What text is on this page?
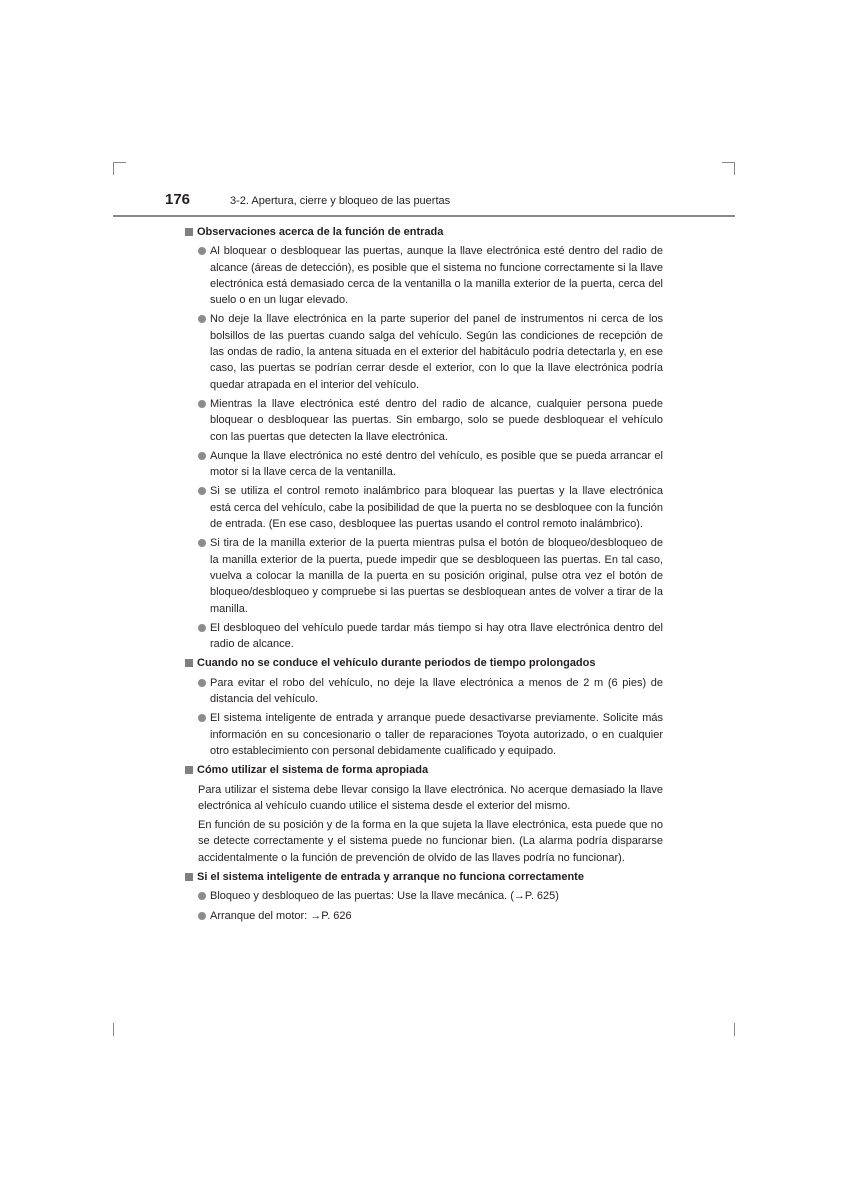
176	3-2. Apertura, cierre y bloqueo de las puertas
Observaciones acerca de la función de entrada
Al bloquear o desbloquear las puertas, aunque la llave electrónica esté dentro del radio de alcance (áreas de detección), es posible que el sistema no funcione correctamente si la llave electrónica está demasiado cerca de la ventanilla o la manilla exterior de la puerta, cerca del suelo o en un lugar elevado.
No deje la llave electrónica en la parte superior del panel de instrumentos ni cerca de los bolsillos de las puertas cuando salga del vehículo. Según las condiciones de recepción de las ondas de radio, la antena situada en el exterior del habitáculo podría detectarla y, en ese caso, las puertas se podrían cerrar desde el exterior, con lo que la llave electrónica podría quedar atrapada en el interior del vehículo.
Mientras la llave electrónica esté dentro del radio de alcance, cualquier persona puede bloquear o desbloquear las puertas. Sin embargo, solo se puede desbloquear el vehículo con las puertas que detecten la llave electrónica.
Aunque la llave electrónica no esté dentro del vehículo, es posible que se pueda arrancar el motor si la llave cerca de la ventanilla.
Si se utiliza el control remoto inalámbrico para bloquear las puertas y la llave electrónica está cerca del vehículo, cabe la posibilidad de que la puerta no se desbloquee con la función de entrada. (En ese caso, desbloquee las puertas usando el control remoto inalámbrico).
Si tira de la manilla exterior de la puerta mientras pulsa el botón de bloqueo/desbloqueo de la manilla exterior de la puerta, puede impedir que se desbloqueen las puertas. En tal caso, vuelva a colocar la manilla de la puerta en su posición original, pulse otra vez el botón de bloqueo/desbloqueo y compruebe si las puertas se desbloquean antes de volver a tirar de la manilla.
El desbloqueo del vehículo puede tardar más tiempo si hay otra llave electrónica dentro del radio de alcance.
Cuando no se conduce el vehículo durante periodos de tiempo prolongados
Para evitar el robo del vehículo, no deje la llave electrónica a menos de 2 m (6 pies) de distancia del vehículo.
El sistema inteligente de entrada y arranque puede desactivarse previamente. Solicite más información en su concesionario o taller de reparaciones Toyota autorizado, o en cualquier otro establecimiento con personal debidamente cualificado y equipado.
Cómo utilizar el sistema de forma apropiada
Para utilizar el sistema debe llevar consigo la llave electrónica. No acerque demasiado la llave electrónica al vehículo cuando utilice el sistema desde el exterior del mismo.
En función de su posición y de la forma en la que sujeta la llave electrónica, esta puede que no se detecte correctamente y el sistema puede no funcionar bien. (La alarma podría dispararse accidentalmente o la función de prevención de olvido de las llaves podría no funcionar).
Si el sistema inteligente de entrada y arranque no funciona correctamente
Bloqueo y desbloqueo de las puertas: Use la llave mecánica. (→P. 625)
Arranque del motor: →P. 626
